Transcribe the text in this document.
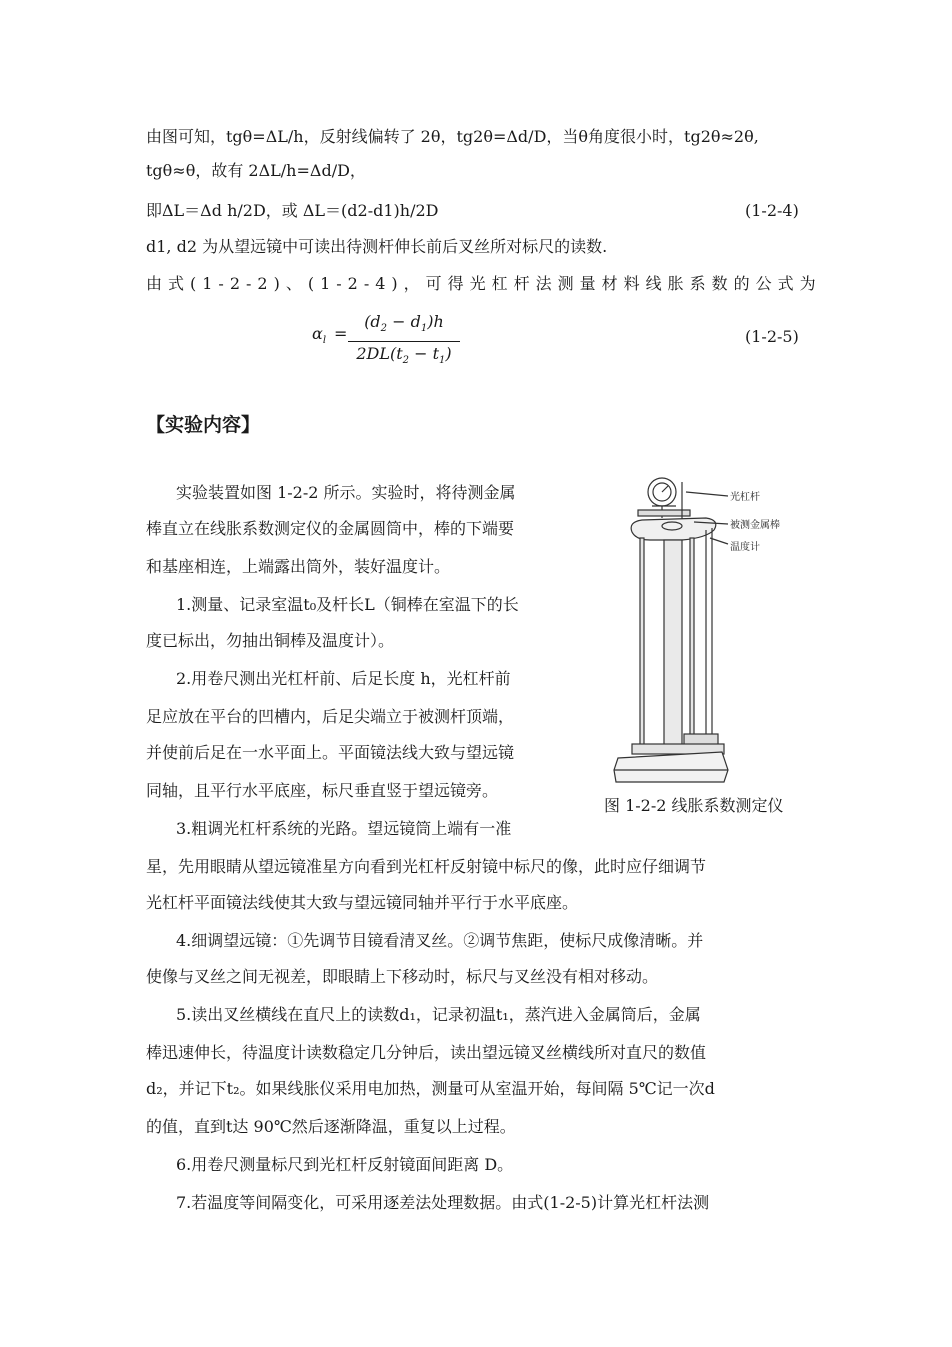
由图可知，tgθ=ΔL/h，反射线偏转了 2θ，tg2θ=Δd/D，当θ角度很小时，tg2θ≈2θ,
tgθ≈θ，故有 2ΔL/h=Δd/D，
即ΔL＝Δd h/2D，或 ΔL＝(d2-d1)h/2D	(1-2-4)
d1, d2 为从望远镜中可读出待测杆伸长前后叉丝所对标尺的读数.
由式(1-2-2)、(1-2-4)，可得光杠杆法测量材料线胀系数的公式为
$\alpha_l$ =
$(d_2 - d_1)h$
$2DL(t_2 - t_1)$
(1-2-5)
【实验内容】
实验装置如图 1-2-2 所示。实验时，将待测金属
棒直立在线胀系数测定仪的金属圆筒中，棒的下端要
和基座相连，上端露出筒外，装好温度计。
1.测量、记录室温t₀及杆长L（铜棒在室温下的长
度已标出，勿抽出铜棒及温度计）。
2.用卷尺测出光杠杆前、后足长度 h，光杠杆前
足应放在平台的凹槽内，后足尖端立于被测杆顶端，
并使前后足在一水平面上。平面镜法线大致与望远镜
同轴，且平行水平底座，标尺垂直竖于望远镜旁。
3.粗调光杠杆系统的光路。望远镜筒上端有一准
星，先用眼睛从望远镜准星方向看到光杠杆反射镜中标尺的像，此时应仔细调节
光杠杆平面镜法线使其大致与望远镜同轴并平行于水平底座。
4.细调望远镜：①先调节目镜看清叉丝。②调节焦距，使标尺成像清晰。并
使像与叉丝之间无视差，即眼睛上下移动时，标尺与叉丝没有相对移动。
5.读出叉丝横线在直尺上的读数d₁，记录初温t₁，蒸汽进入金属筒后，金属
棒迅速伸长，待温度计读数稳定几分钟后，读出望远镜叉丝横线所对直尺的数值
d₂，并记下t₂。如果线胀仪采用电加热，测量可从室温开始，每间隔 5℃记一次d
的值，直到t达 90℃然后逐渐降温，重复以上过程。
6.用卷尺测量标尺到光杠杆反射镜面间距离 D。
7.若温度等间隔变化，可采用逐差法处理数据。由式(1-2-5)计算光杠杆法测
光杠杆
被测金属棒
温度计
图 1-2-2 线胀系数测定仪
